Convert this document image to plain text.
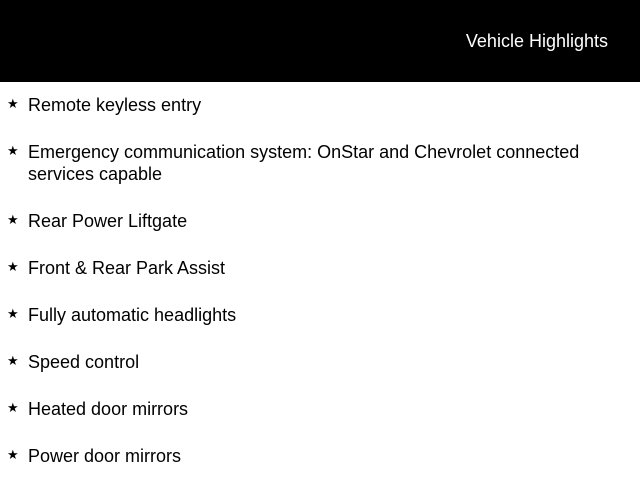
Vehicle Highlights
★ Remote keyless entry
★ Emergency communication system: OnStar and Chevrolet connected services capable
★ Rear Power Liftgate
★ Front & Rear Park Assist
★ Fully automatic headlights
★ Speed control
★ Heated door mirrors
★ Power door mirrors
